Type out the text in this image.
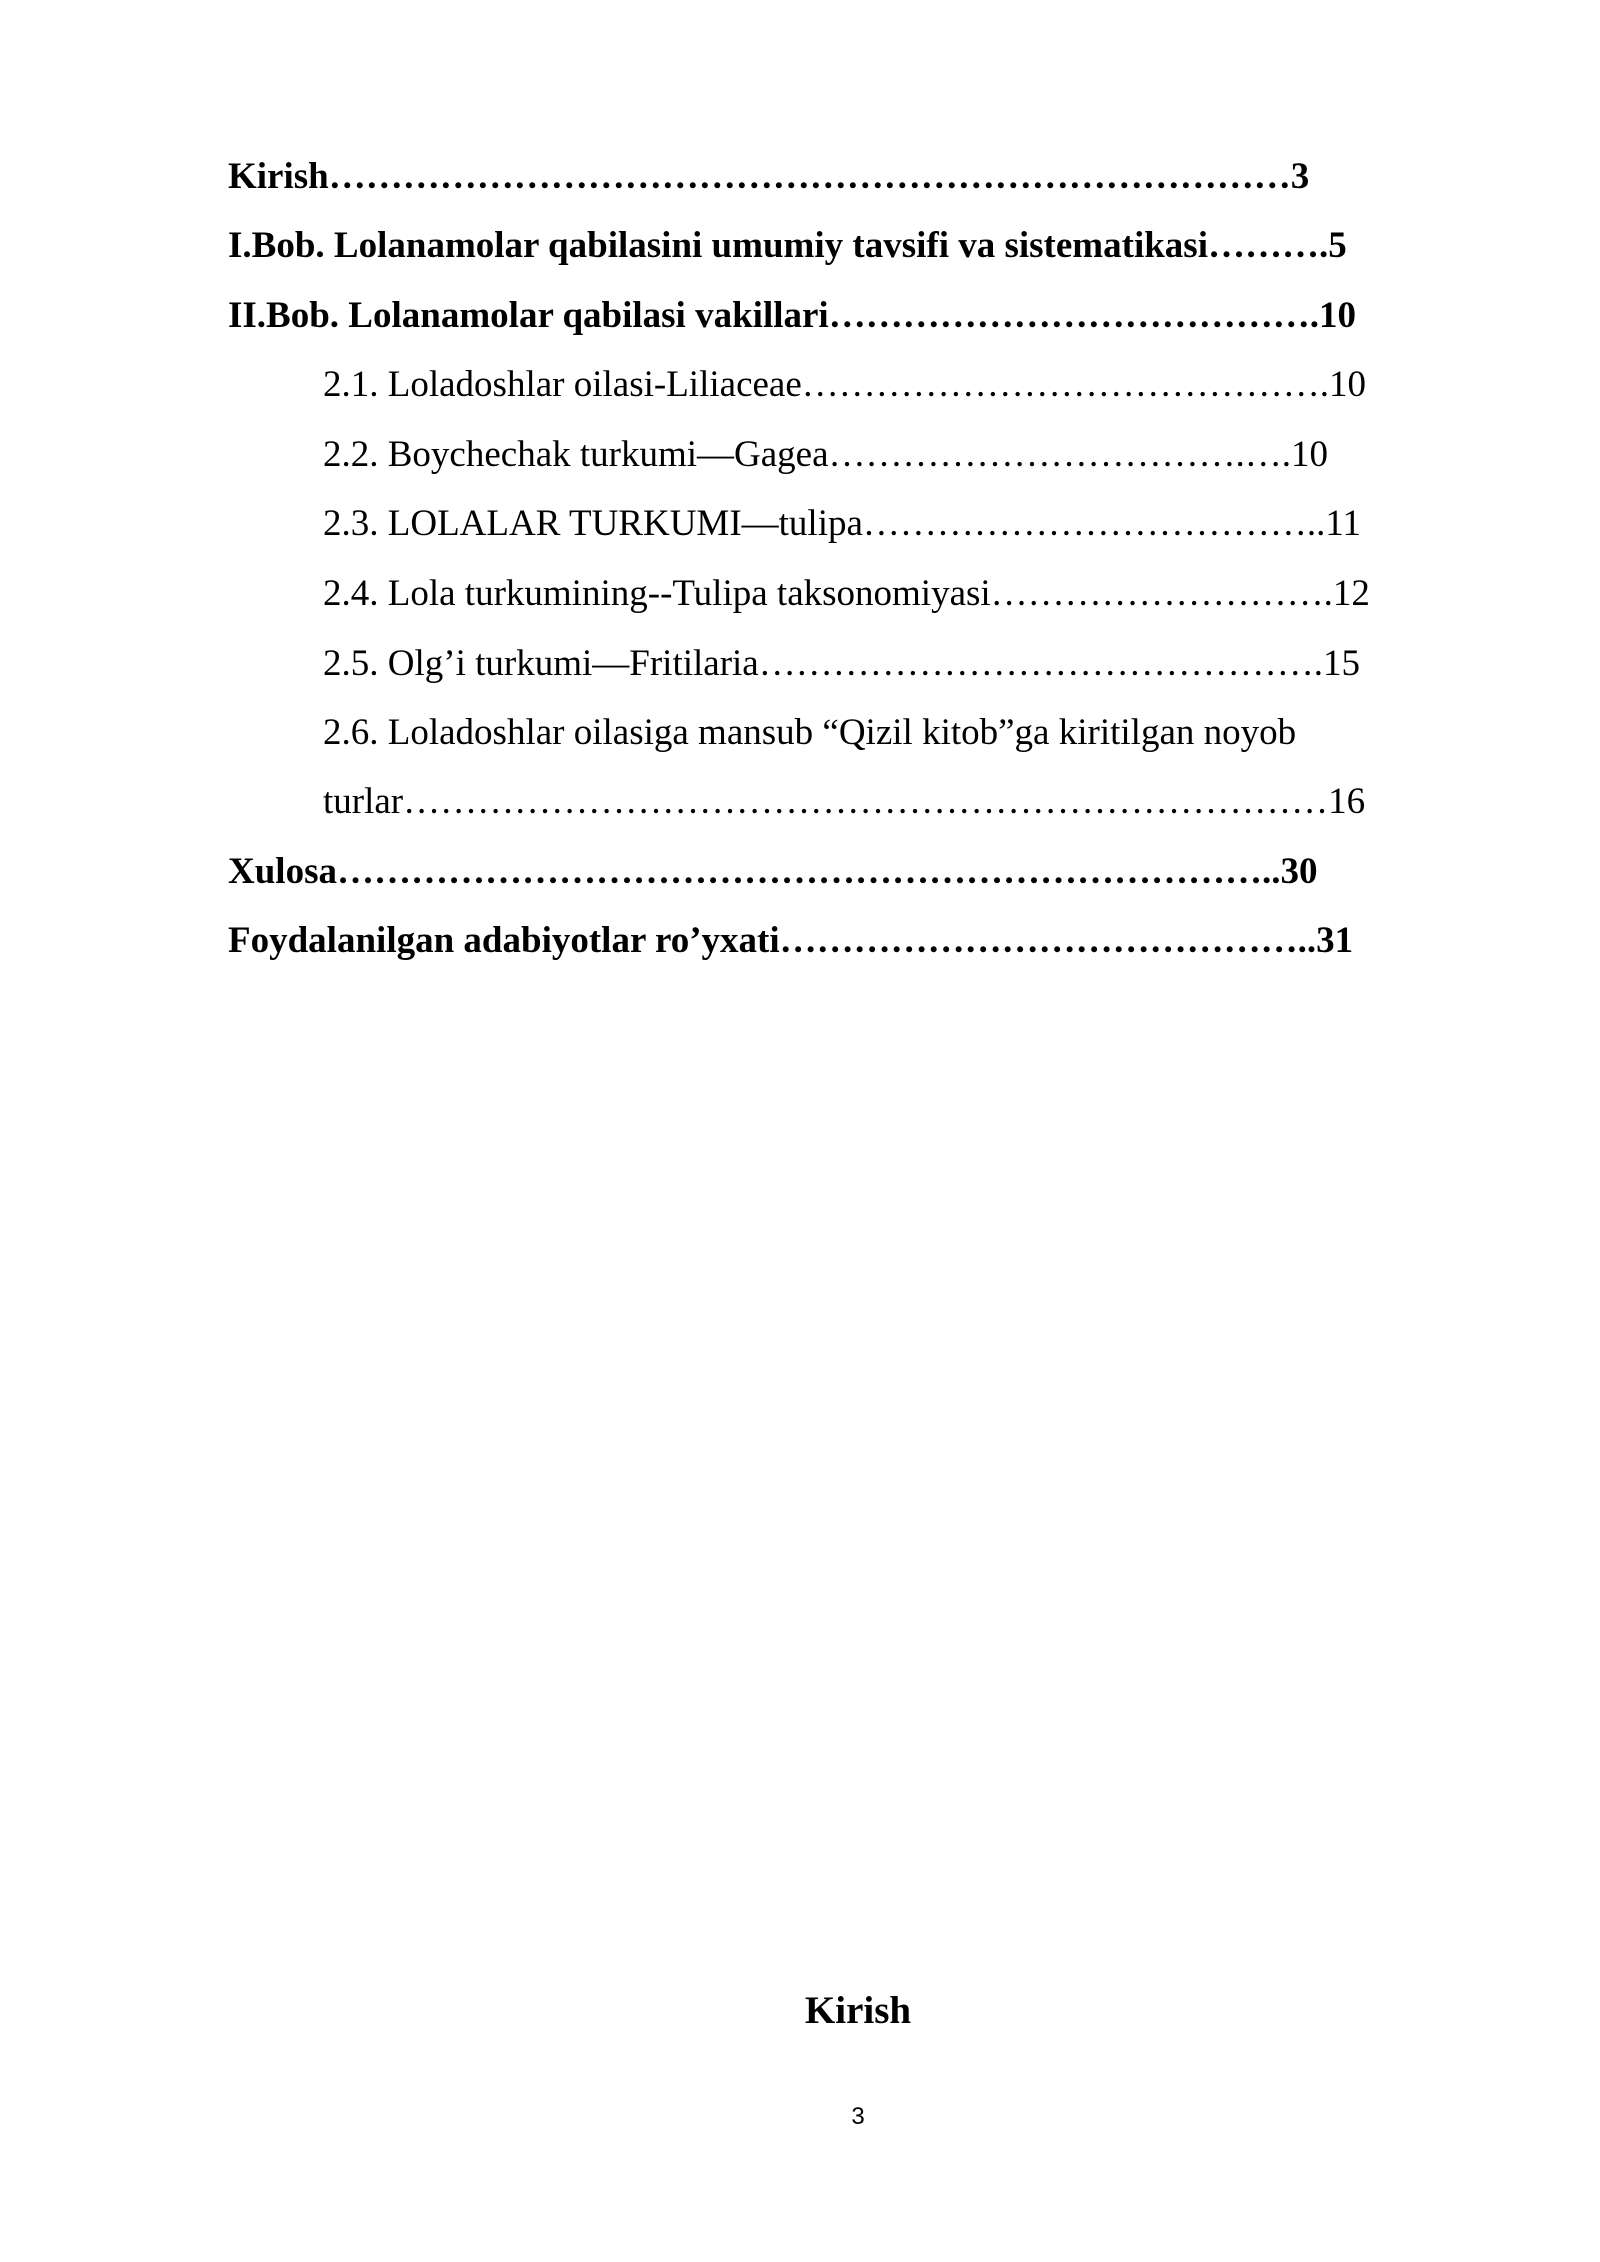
Kirish……………………………………………………………………3

I.Bob. Lolanamolar qabilasini umumiy tavsifi va sistematikasi……….5

II.Bob. Lolanamolar qabilasi vakillari………………………………….10

2.1. Loladoshlar oilasi-Liliaceae…………………………………….10

2.2. Boychechak turkumi—Gagea…………………………….….10

2.3. LOLALAR TURKUMI—tulipa………………………………..11

2.4. Lola turkumining--Tulipa taksonomiyasi……………………….12

2.5. Olg’i turkumi—Fritilaria……………………………………….15

2.6. Loladoshlar oilasiga mansub “Qizil kitob”ga kiritilgan noyob

turlar…………………………………………………………………16

Xulosa…………………………………………………………………..30

Foydalanilgan adabiyotlar ro’yxati……………………………………..31

Kirish

3
